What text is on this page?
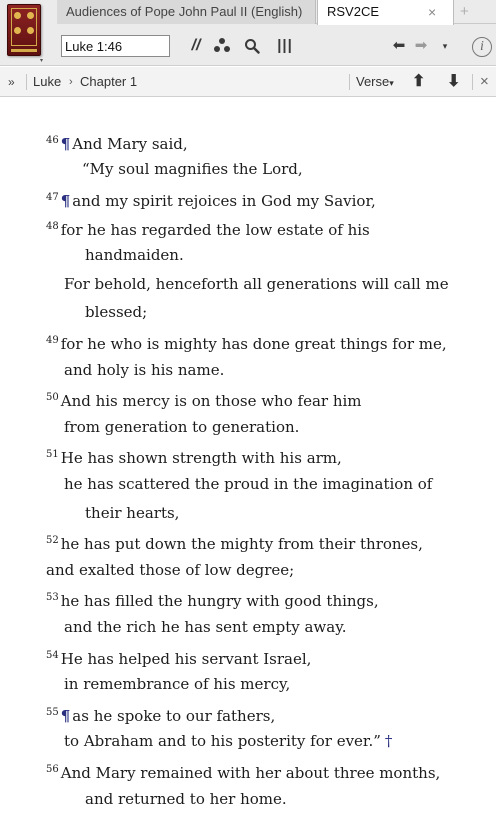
▾
Audiences of Pope John Paul II (English)	RSV2CE	× +
Luke 1:46
//	|||	⬅ ➡	▾	i
» Luke › Chapter 1	Verse▾ ⬆ ⬇ ×
$^{46}$ ¶ And Mary said,
“My soul magnifies the Lord,
$^{47}$ ¶ and my spirit rejoices in God my Savior,
$^{48}$ for he has regarded the low estate of his
handmaiden.
For behold, henceforth all generations will call me
blessed;
$^{49}$ for he who is mighty has done great things for me,
and holy is his name.
$^{50}$ And his mercy is on those who fear him
from generation to generation.
$^{51}$ He has shown strength with his arm,
he has scattered the proud in the imagination of
their hearts,
$^{52}$ he has put down the mighty from their thrones,
and exalted those of low degree;
$^{53}$ he has filled the hungry with good things,
and the rich he has sent empty away.
$^{54}$ He has helped his servant Israel,
in remembrance of his mercy,
$^{55}$ ¶ as he spoke to our fathers,
to Abraham and to his posterity for ever.” †
$^{56}$ And Mary remained with her about three months,
and returned to her home.
